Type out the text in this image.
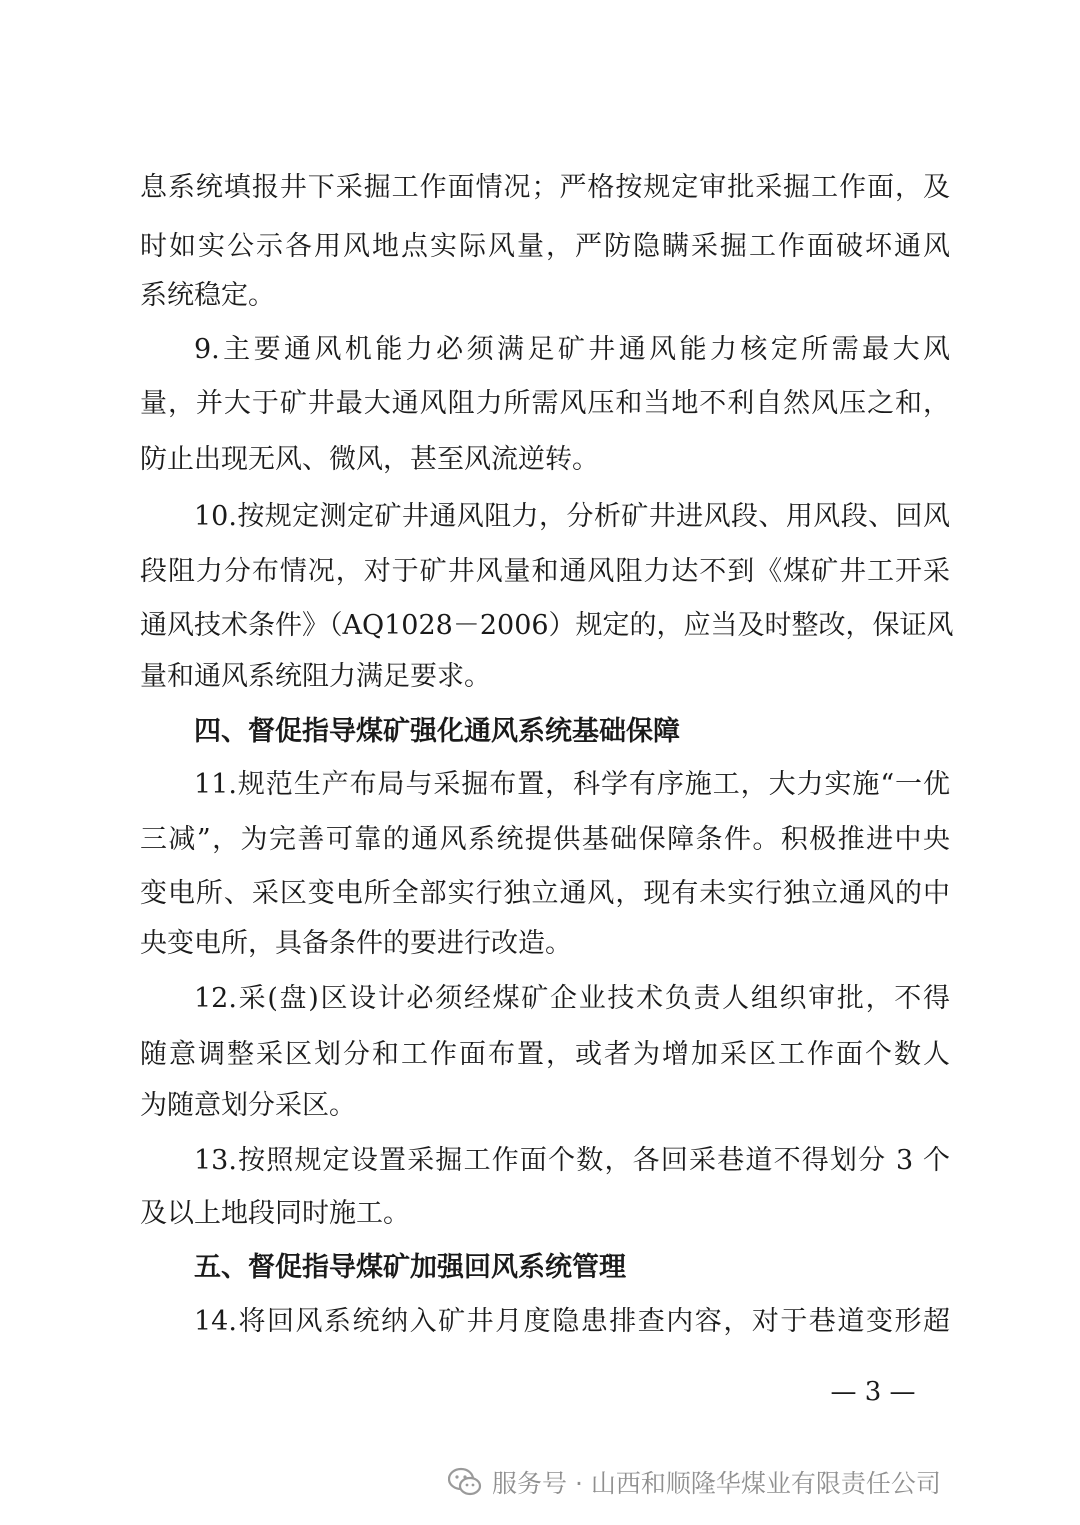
息系统填报井下采掘工作面情况；严格按规定审批采掘工作面，及
时如实公示各用风地点实际风量，严防隐瞒采掘工作面破坏通风
系统稳定。
9.主要通风机能力必须满足矿井通风能力核定所需最大风
量，并大于矿井最大通风阻力所需风压和当地不利自然风压之和，
防止出现无风、微风，甚至风流逆转。
10.按规定测定矿井通风阻力，分析矿井进风段、用风段、回风
段阻力分布情况，对于矿井风量和通风阻力达不到《煤矿井工开采
通风技术条件》（AQ1028－2006）规定的，应当及时整改，保证风
量和通风系统阻力满足要求。
四、督促指导煤矿强化通风系统基础保障
11.规范生产布局与采掘布置，科学有序施工，大力实施“一优
三减”，为完善可靠的通风系统提供基础保障条件。积极推进中央
变电所、采区变电所全部实行独立通风，现有未实行独立通风的中
央变电所，具备条件的要进行改造。
12.采(盘)区设计必须经煤矿企业技术负责人组织审批，不得
随意调整采区划分和工作面布置，或者为增加采区工作面个数人
为随意划分采区。
13.按照规定设置采掘工作面个数，各回采巷道不得划分 3 个
及以上地段同时施工。
五、督促指导煤矿加强回风系统管理
14.将回风系统纳入矿井月度隐患排查内容，对于巷道变形超
— 3 —
服务号 · 山西和顺隆华煤业有限责任公司
